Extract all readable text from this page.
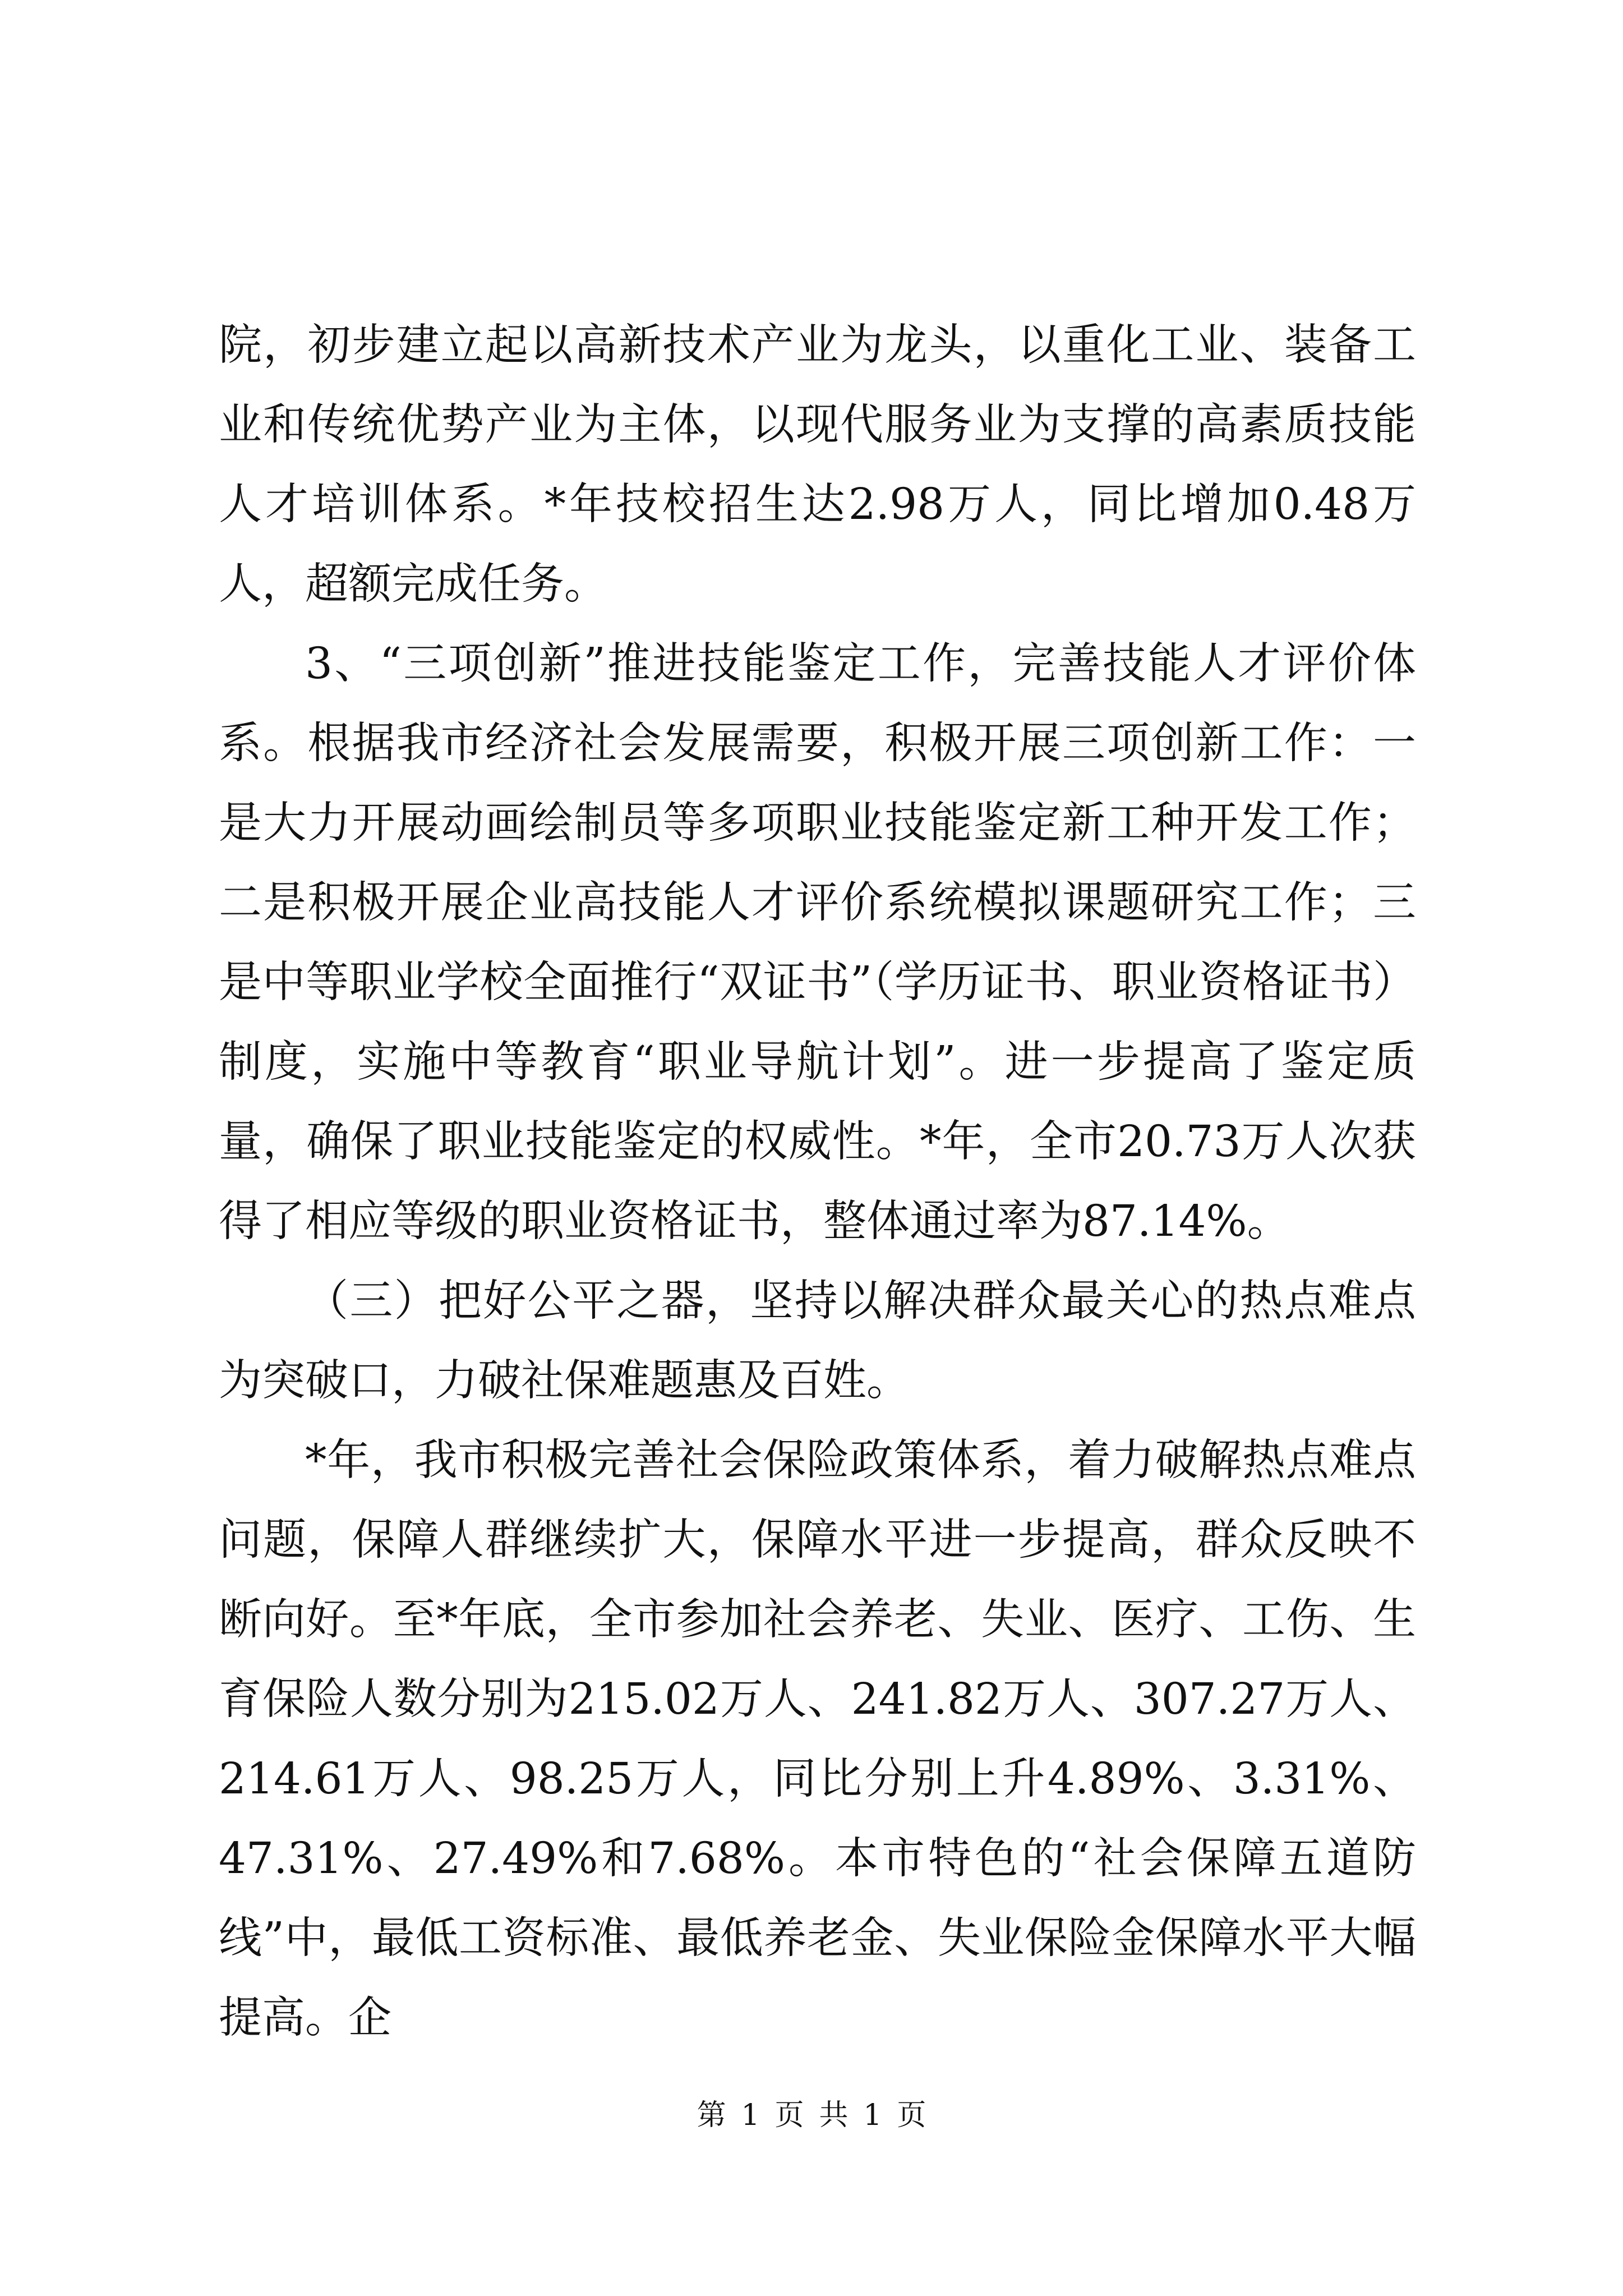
院，初步建立起以高新技术产业为龙头，以重化工业、装备工业和传统优势产业为主体，以现代服务业为支撑的高素质技能人才培训体系。*年技校招生达2.98万人，同比增加0.48万人，超额完成任务。

3、“三项创新”推进技能鉴定工作，完善技能人才评价体系。根据我市经济社会发展需要，积极开展三项创新工作：一是大力开展动画绘制员等多项职业技能鉴定新工种开发工作；二是积极开展企业高技能人才评价系统模拟课题研究工作；三是中等职业学校全面推行“双证书”（学历证书、职业资格证书）制度，实施中等教育“职业导航计划”。进一步提高了鉴定质量，确保了职业技能鉴定的权威性。*年，全市20.73万人次获得了相应等级的职业资格证书，整体通过率为87.14%。

（三）把好公平之器，坚持以解决群众最关心的热点难点为突破口，力破社保难题惠及百姓。

*年，我市积极完善社会保险政策体系，着力破解热点难点问题，保障人群继续扩大，保障水平进一步提高，群众反映不断向好。至*年底，全市参加社会养老、失业、医疗、工伤、生育保险人数分别为215.02万人、241.82万人、307.27万人、214.61万人、98.25万人，同比分别上升4.89%、3.31%、47.31%、27.49%和7.68%。本市特色的“社会保障五道防线”中，最低工资标准、最低养老金、失业保险金保障水平大幅提高。企

第 1 页 共 1 页
